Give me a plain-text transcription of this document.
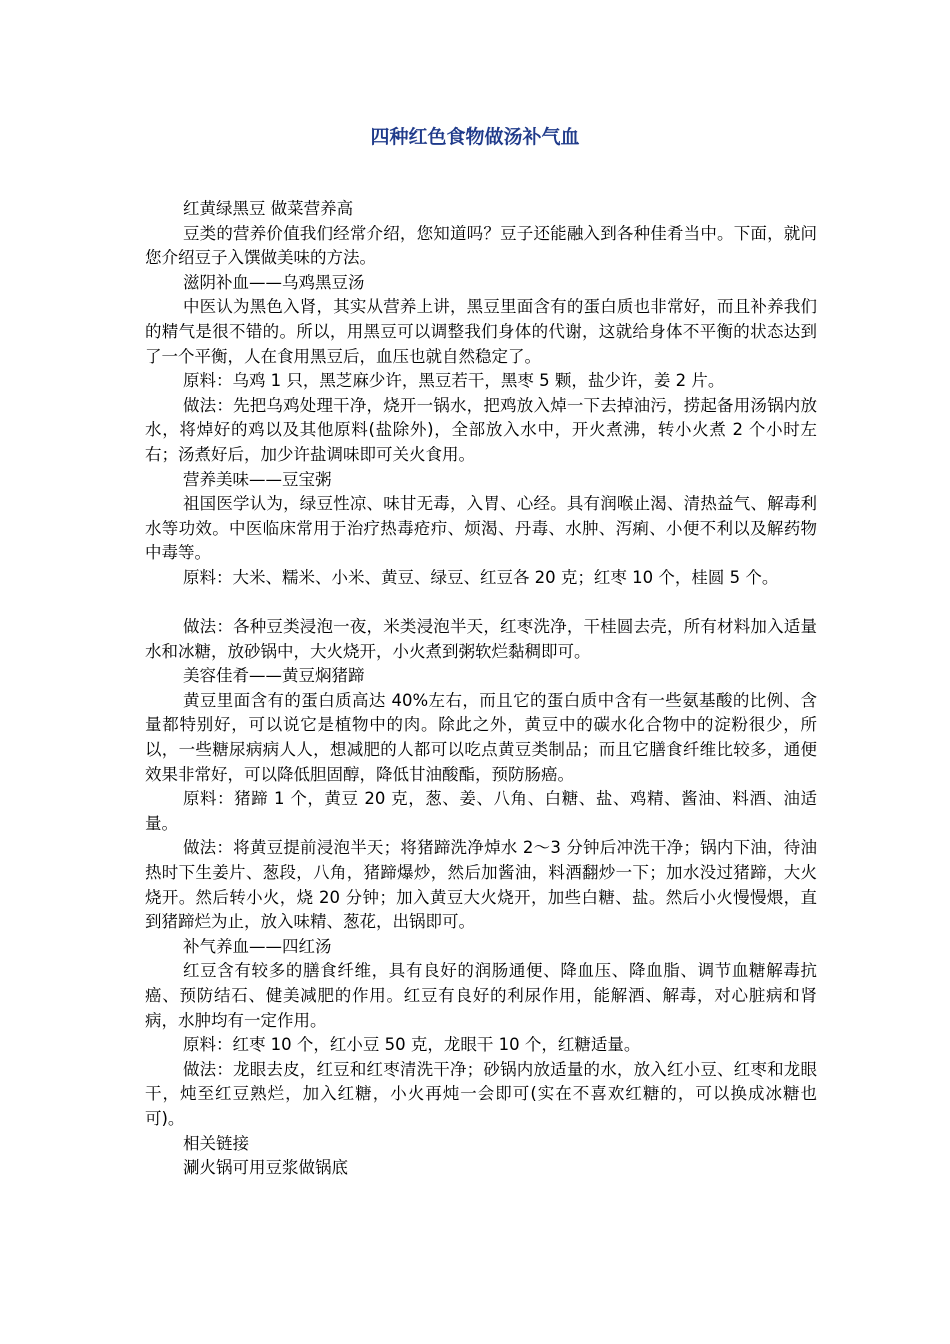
四种红色食物做汤补气血

红黄绿黑豆 做菜营养高

豆类的营养价值我们经常介绍，您知道吗？豆子还能融入到各种佳肴当中。下面，就问您介绍豆子入馔做美味的方法。

滋阴补血——乌鸡黑豆汤

中医认为黑色入肾，其实从营养上讲，黑豆里面含有的蛋白质也非常好，而且补养我们的精气是很不错的。所以，用黑豆可以调整我们身体的代谢，这就给身体不平衡的状态达到了一个平衡，人在食用黑豆后，血压也就自然稳定了。

原料：乌鸡 1 只，黑芝麻少许，黑豆若干，黑枣 5 颗，盐少许，姜 2 片。

做法：先把乌鸡处理干净，烧开一锅水，把鸡放入焯一下去掉油污，捞起备用汤锅内放水，将焯好的鸡以及其他原料(盐除外)，全部放入水中，开火煮沸，转小火煮 2 个小时左右；汤煮好后，加少许盐调味即可关火食用。

营养美味——豆宝粥

祖国医学认为，绿豆性凉、味甘无毒，入胃、心经。具有润喉止渴、清热益气、解毒利水等功效。中医临床常用于治疗热毒疮疖、烦渴、丹毒、水肿、泻痢、小便不利以及解药物中毒等。

原料：大米、糯米、小米、黄豆、绿豆、红豆各 20 克；红枣 10 个，桂圆 5 个。

做法：各种豆类浸泡一夜，米类浸泡半天，红枣洗净，干桂圆去壳，所有材料加入适量水和冰糖，放砂锅中，大火烧开，小火煮到粥软烂黏稠即可。

美容佳肴——黄豆焖猪蹄

黄豆里面含有的蛋白质高达 40%左右，而且它的蛋白质中含有一些氨基酸的比例、含量都特别好，可以说它是植物中的肉。除此之外，黄豆中的碳水化合物中的淀粉很少，所以，一些糖尿病病人人，想减肥的人都可以吃点黄豆类制品；而且它膳食纤维比较多，通便效果非常好，可以降低胆固醇，降低甘油酸酯，预防肠癌。

原料：猪蹄 1 个，黄豆 20 克，葱、姜、八角、白糖、盐、鸡精、酱油、料酒、油适量。

做法：将黄豆提前浸泡半天；将猪蹄洗净焯水 2～3 分钟后冲洗干净；锅内下油，待油热时下生姜片、葱段，八角，猪蹄爆炒，然后加酱油，料酒翻炒一下；加水没过猪蹄，大火烧开。然后转小火，烧 20 分钟；加入黄豆大火烧开，加些白糖、盐。然后小火慢慢煨，直到猪蹄烂为止，放入味精、葱花，出锅即可。

补气养血——四红汤

红豆含有较多的膳食纤维，具有良好的润肠通便、降血压、降血脂、调节血糖解毒抗癌、预防结石、健美减肥的作用。红豆有良好的利尿作用，能解酒、解毒，对心脏病和肾病，水肿均有一定作用。

原料：红枣 10 个，红小豆 50 克，龙眼干 10 个，红糖适量。

做法：龙眼去皮，红豆和红枣清洗干净；砂锅内放适量的水，放入红小豆、红枣和龙眼干，炖至红豆熟烂，加入红糖，小火再炖一会即可(实在不喜欢红糖的，可以换成冰糖也可)。

相关链接

涮火锅可用豆浆做锅底
